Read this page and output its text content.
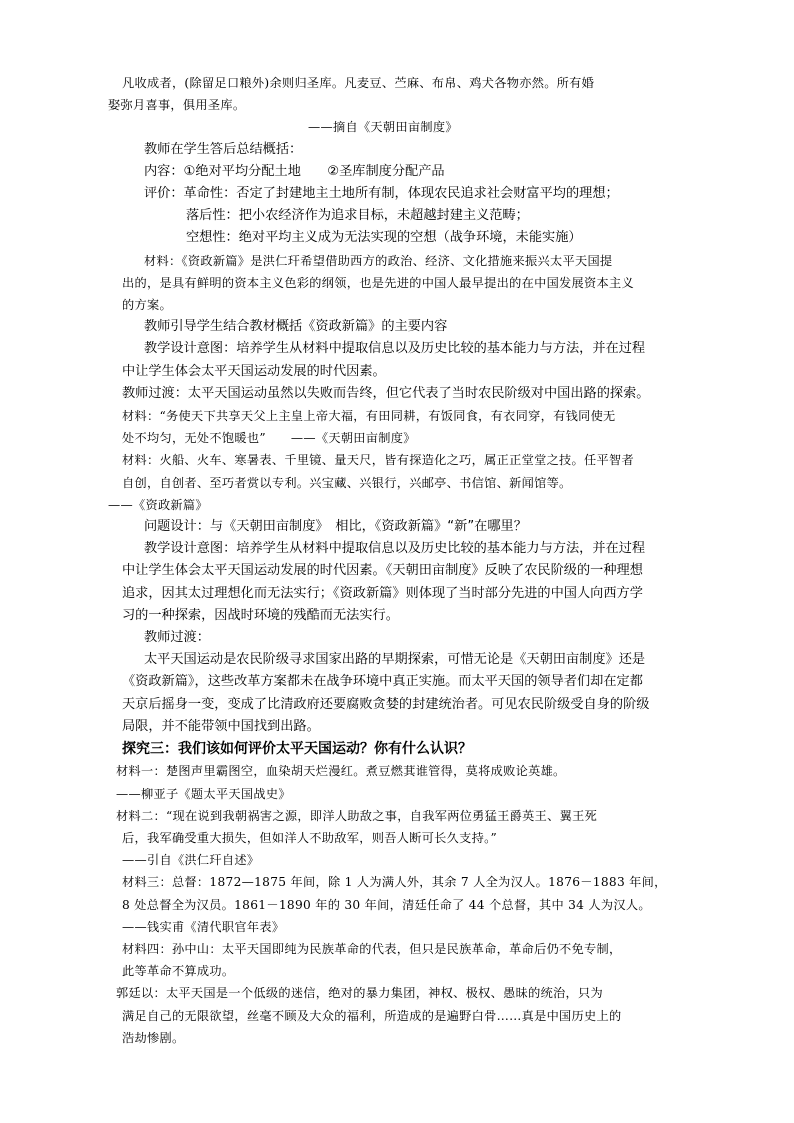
凡收成者，(除留足口粮外)余则归圣库。凡麦豆、苎麻、布帛、鸡犬各物亦然。所有婚

娶弥月喜事，俱用圣库。

——摘自《天朝田亩制度》

教师在学生答后总结概括：

内容：①绝对平均分配土地　　②圣库制度分配产品

评价：革命性：否定了封建地主土地所有制，体现农民追求社会财富平均的理想；

落后性：把小农经济作为追求目标，未超越封建主义范畴；

空想性：绝对平均主义成为无法实现的空想（战争环境，未能实施）

材料：《资政新篇》是洪仁玕希望借助西方的政治、经济、文化措施来振兴太平天国提

出的，是具有鲜明的资本主义色彩的纲领，也是先进的中国人最早提出的在中国发展资本主义

的方案。

教师引导学生结合教材概括《资政新篇》的主要内容

教学设计意图：培养学生从材料中提取信息以及历史比较的基本能力与方法，并在过程

中让学生体会太平天国运动发展的时代因素。

教师过渡：太平天国运动虽然以失败而告终，但它代表了当时农民阶级对中国出路的探索。

材料：“务使天下共享天父上主皇上帝大福，有田同耕，有饭同食，有衣同穿，有钱同使无

处不均匀，无处不饱暖也”　　——《天朝田亩制度》

材料：火船、火车、寒暑表、千里镜、量天尺，皆有探造化之巧，属正正堂堂之技。任平智者

自创，自创者、至巧者赏以专利。兴宝藏、兴银行，兴邮亭、书信馆、新闻馆等。

——《资政新篇》

问题设计：与《天朝田亩制度》　相比，《资政新篇》“新”在哪里？

教学设计意图：培养学生从材料中提取信息以及历史比较的基本能力与方法，并在过程

中让学生体会太平天国运动发展的时代因素。《天朝田亩制度》反映了农民阶级的一种理想

追求，因其太过理想化而无法实行；《资政新篇》则体现了当时部分先进的中国人向西方学

习的一种探索，因战时环境的残酷而无法实行。

教师过渡：

太平天国运动是农民阶级寻求国家出路的早期探索，可惜无论是《天朝田亩制度》还是

《资政新篇》，这些改革方案都未在战争环境中真正实施。而太平天国的领导者们却在定都

天京后摇身一变，变成了比清政府还要腐败贪婪的封建统治者。可见农民阶级受自身的阶级

局限，并不能带领中国找到出路。

探究三：我们该如何评价太平天国运动？你有什么认识？

材料一：楚图声里霸图空，血染胡天烂漫红。煮豆燃萁谁管得，莫将成败论英雄。

——柳亚子《题太平天国战史》

材料二：“现在说到我朝祸害之源，即洋人助敌之事，自我军两位勇猛王爵英王、翼王死

后，我军确受重大损失，但如洋人不助敌军，则吾人断可长久支持。”

——引自《洪仁玕自述》

材料三：总督：1872—1875 年间，除 1 人为满人外，其余 7 人全为汉人。1876－1883 年间，

8 处总督全为汉员。1861－1890 年的 30 年间，清廷任命了 44 个总督，其中 34 人为汉人。

——钱实甫《清代职官年表》

材料四：孙中山：太平天国即纯为民族革命的代表，但只是民族革命，革命后仍不免专制，

此等革命不算成功。

郭廷以：太平天国是一个低级的迷信，绝对的暴力集团，神权、极权、愚昧的统治，只为

满足自己的无限欲望，丝毫不顾及大众的福利，所造成的是遍野白骨……真是中国历史上的

浩劫惨剧。
